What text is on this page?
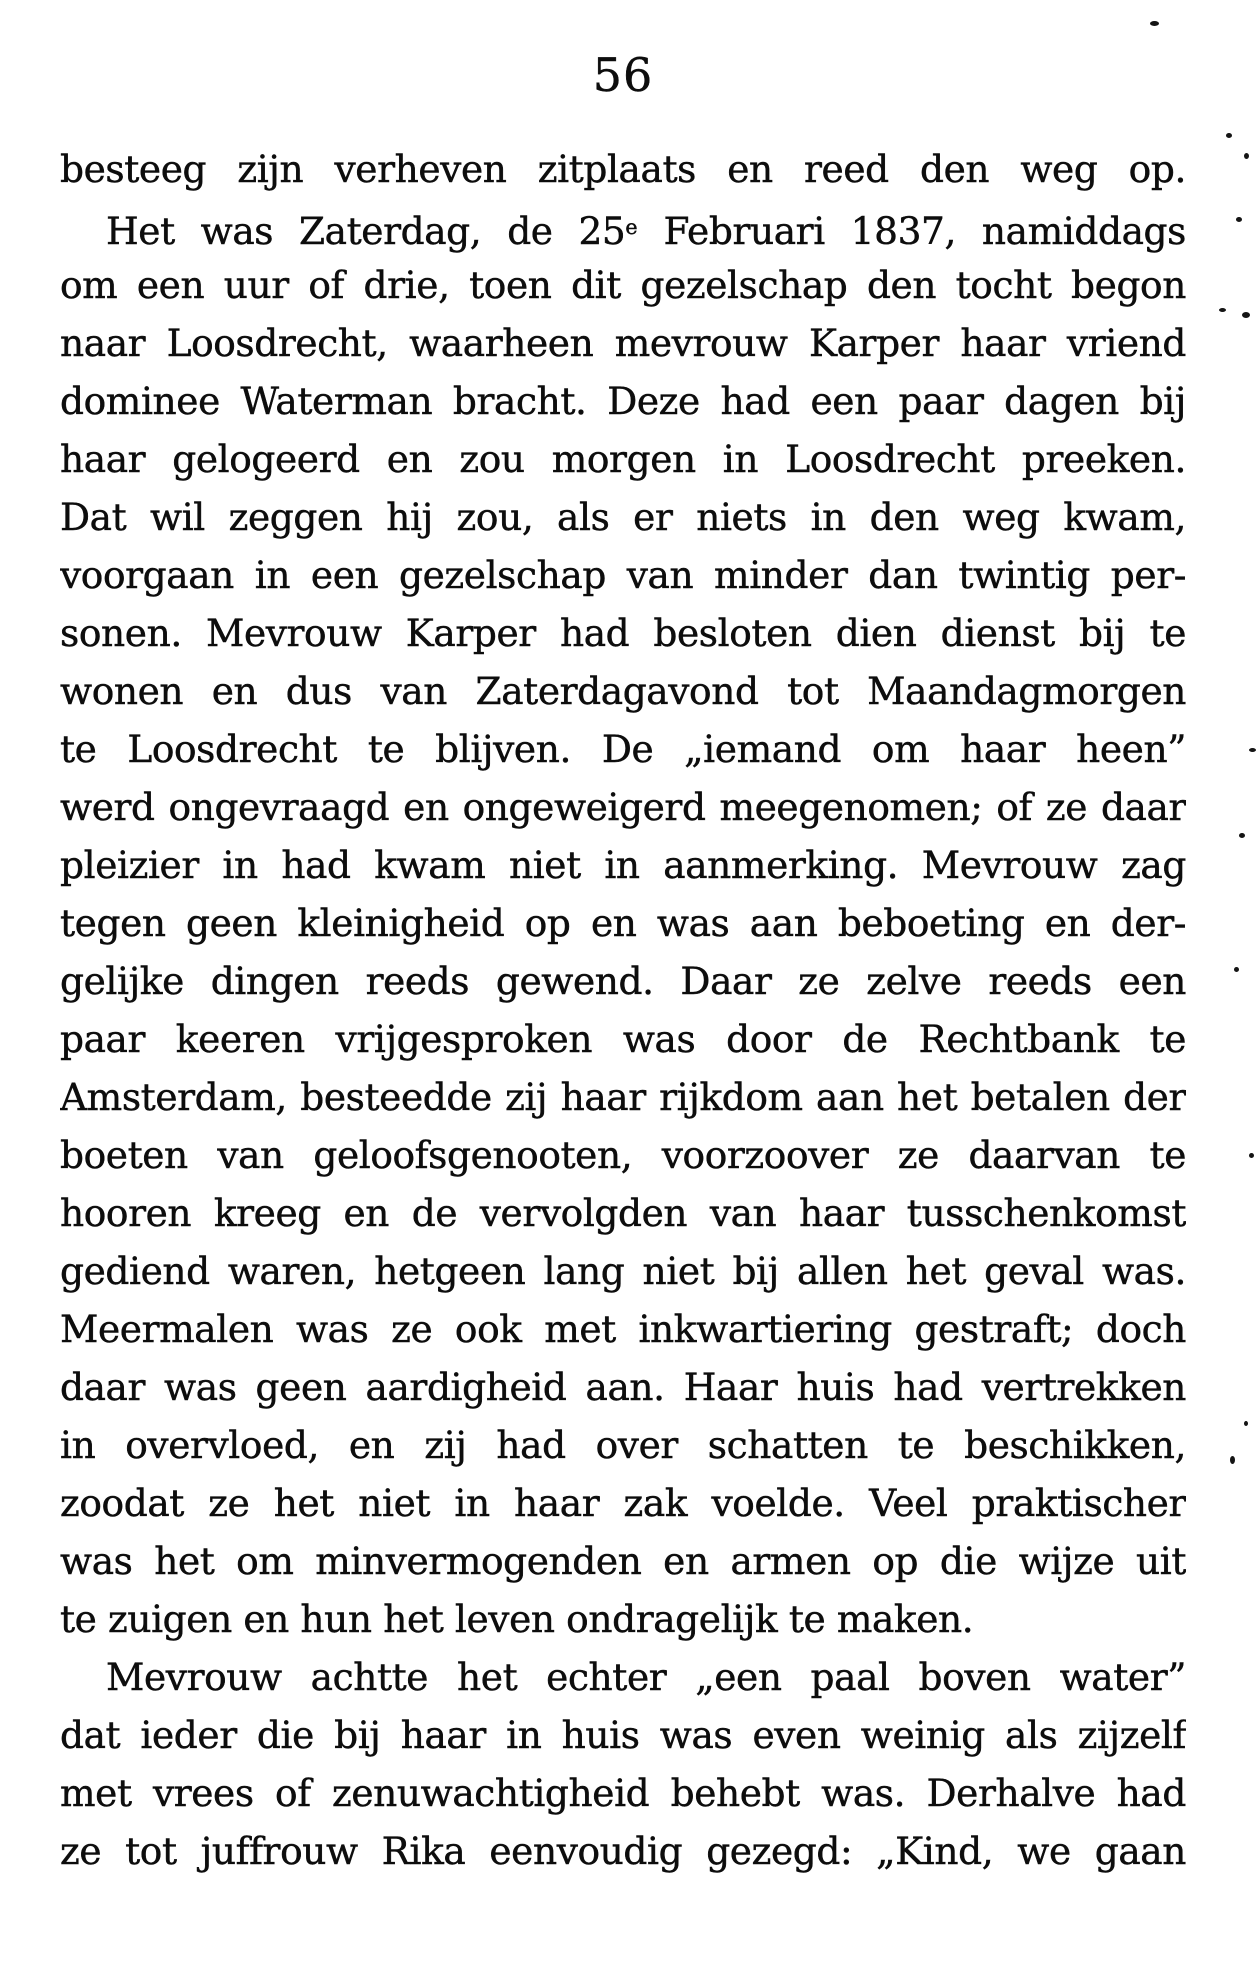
56
besteeg zijn verheven zitplaats en reed den weg op.
Het was Zaterdag, de 25e Februari 1837, namiddags
om een uur of drie, toen dit gezelschap den tocht begon
naar Loosdrecht, waarheen mevrouw Karper haar vriend
dominee Waterman bracht. Deze had een paar dagen bij
haar gelogeerd en zou morgen in Loosdrecht preeken.
Dat wil zeggen hij zou, als er niets in den weg kwam,
voorgaan in een gezelschap van minder dan twintig per-
sonen. Mevrouw Karper had besloten dien dienst bij te
wonen en dus van Zaterdagavond tot Maandagmorgen
te Loosdrecht te blijven. De „iemand om haar heen”
werd ongevraagd en ongeweigerd meegenomen; of ze daar
pleizier in had kwam niet in aanmerking. Mevrouw zag
tegen geen kleinigheid op en was aan beboeting en der-
gelijke dingen reeds gewend. Daar ze zelve reeds een
paar keeren vrijgesproken was door de Rechtbank te
Amsterdam, besteedde zij haar rijkdom aan het betalen der
boeten van geloofsgenooten, voorzoover ze daarvan te
hooren kreeg en de vervolgden van haar tusschenkomst
gediend waren, hetgeen lang niet bij allen het geval was.
Meermalen was ze ook met inkwartiering gestraft; doch
daar was geen aardigheid aan. Haar huis had vertrekken
in overvloed, en zij had over schatten te beschikken,
zoodat ze het niet in haar zak voelde. Veel praktischer
was het om minvermogenden en armen op die wijze uit
te zuigen en hun het leven ondragelijk te maken.
Mevrouw achtte het echter „een paal boven water”
dat ieder die bij haar in huis was even weinig als zijzelf
met vrees of zenuwachtigheid behebt was. Derhalve had
ze tot juffrouw Rika eenvoudig gezegd: „Kind, we gaan
